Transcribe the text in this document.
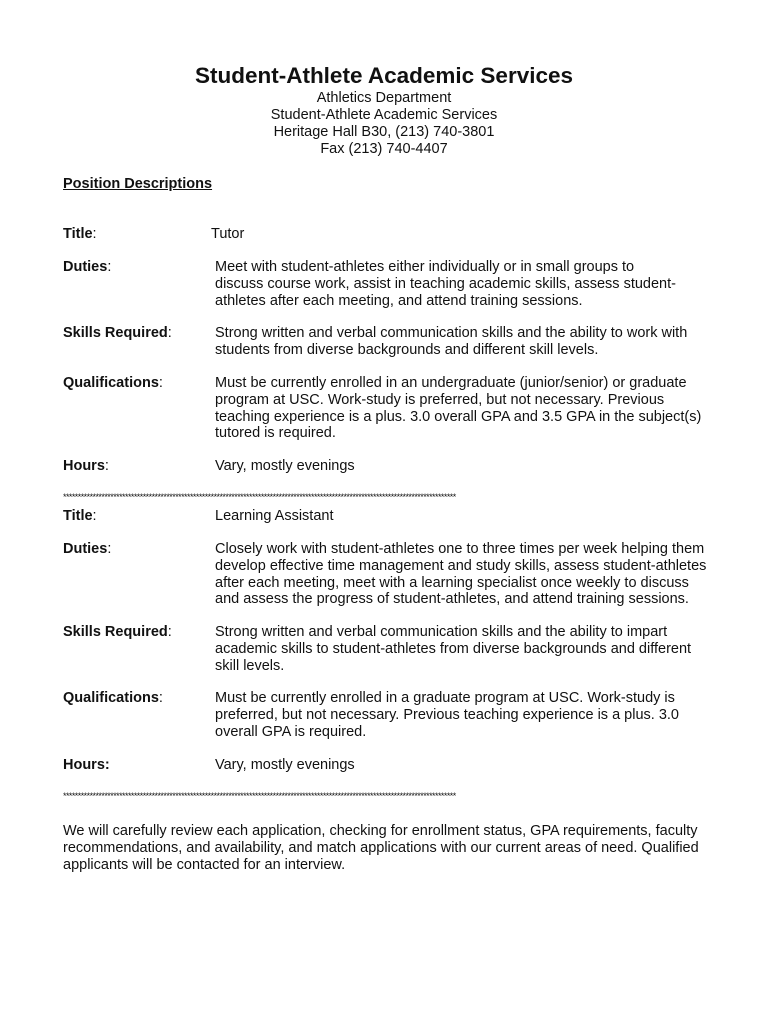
Student-Athlete Academic Services
Athletics Department
Student-Athlete Academic Services
Heritage Hall B30, (213) 740-3801
Fax (213) 740-4407
Position Descriptions
Title:	Tutor
Duties:	Meet with student-athletes either individually or in small groups to
discuss course work, assist in teaching academic skills, assess student-
athletes after each meeting, and attend training sessions.
Skills Required:	Strong written and verbal communication skills and the ability to work with
students from diverse backgrounds and different skill levels.
Qualifications:	Must be currently enrolled in an undergraduate (junior/senior) or graduate
program at USC. Work-study is preferred, but not necessary. Previous
teaching experience is a plus. 3.0 overall GPA and 3.5 GPA in the subject(s)
tutored is required.
Hours:	Vary, mostly evenings
*************************************************************************************************************************************
Title:	Learning Assistant
Duties:	Closely work with student-athletes one to three times per week helping them
develop effective time management and study skills, assess student-athletes
after each meeting, meet with a learning specialist once weekly to discuss
and assess the progress of student-athletes, and attend training sessions.
Skills Required:	Strong written and verbal communication skills and the ability to impart
academic skills to student-athletes from diverse backgrounds and different
skill levels.
Qualifications:	Must be currently enrolled in a graduate program at USC. Work-study is
preferred, but not necessary. Previous teaching experience is a plus. 3.0
overall GPA is required.
Hours:	Vary, mostly evenings
*************************************************************************************************************************************
We will carefully review each application, checking for enrollment status, GPA requirements, faculty
recommendations, and availability, and match applications with our current areas of need. Qualified
applicants will be contacted for an interview.
